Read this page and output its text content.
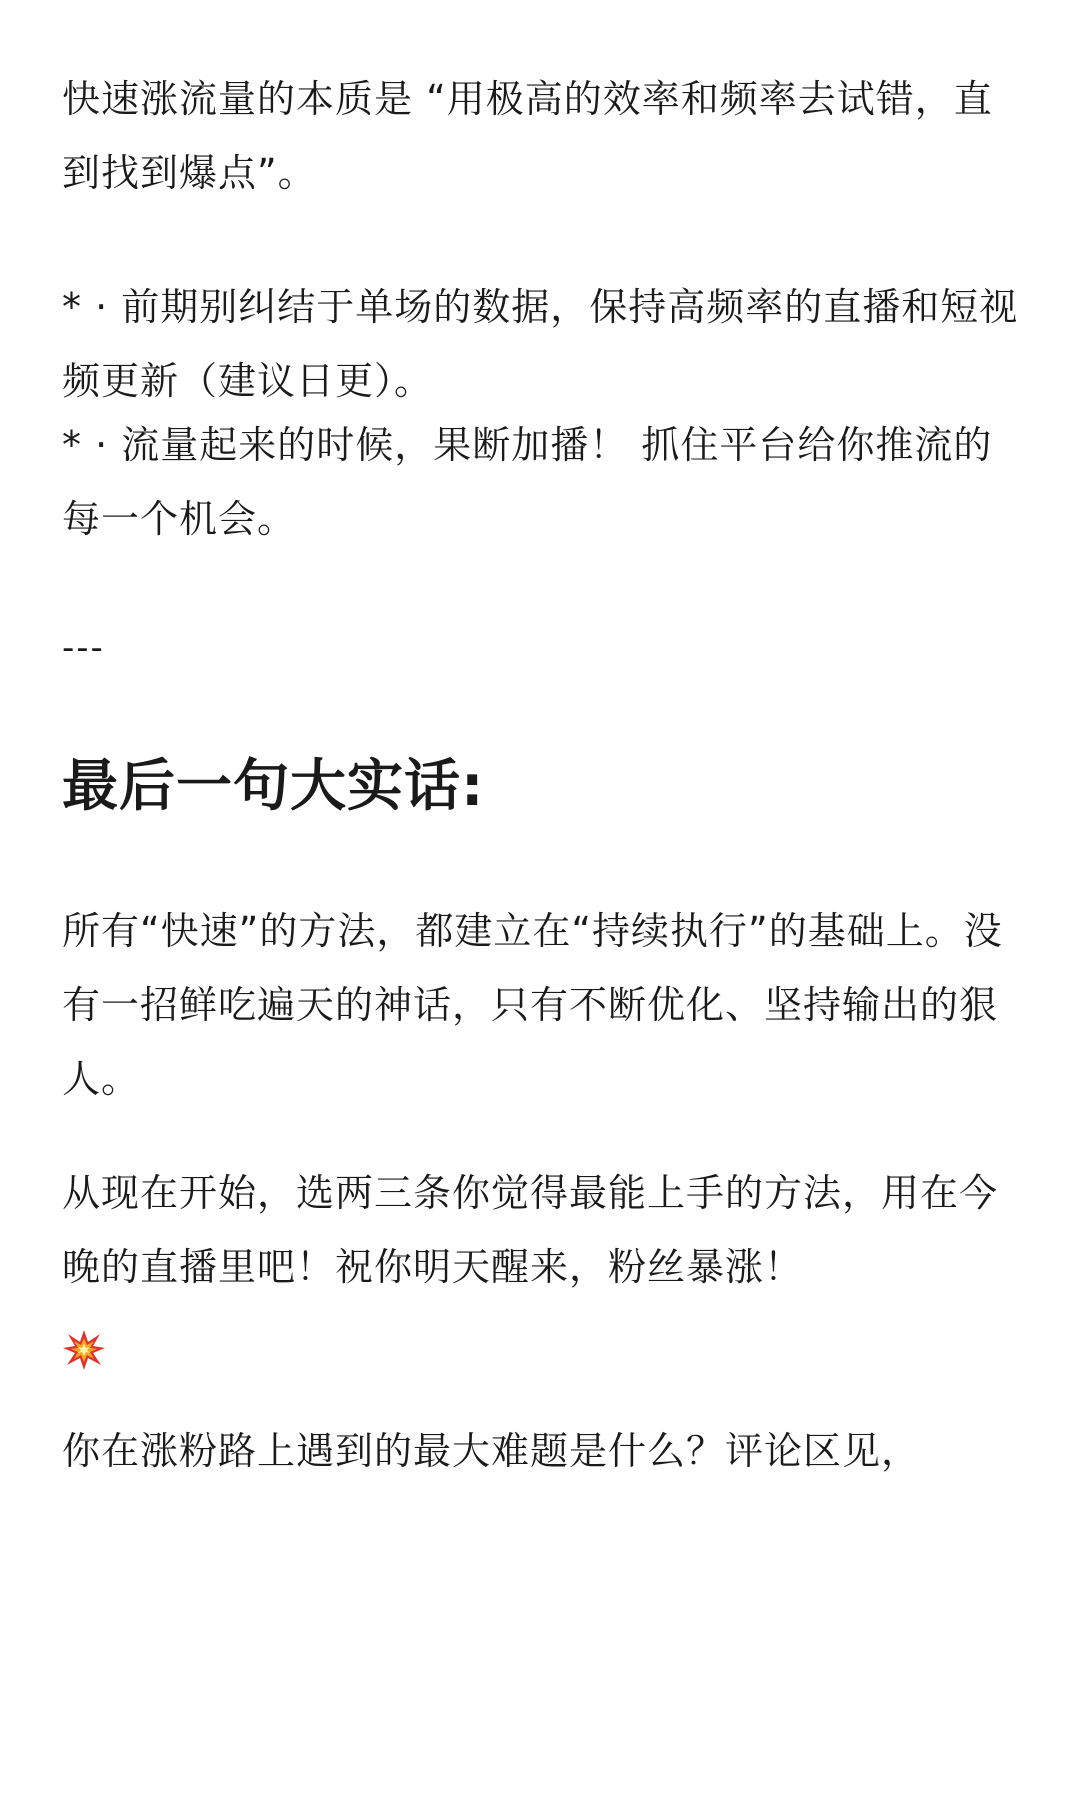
快速涨流量的本质是 “用极高的效率和频率去试错，直到找到爆点”。
* · 前期别纠结于单场的数据，保持高频率的直播和短视频更新（建议日更）。
* · 流量起来的时候，果断加播！ 抓住平台给你推流的每一个机会。
---
最后一句大实话:
所有“快速”的方法，都建立在“持续执行”的基础上。没有一招鲜吃遍天的神话，只有不断优化、坚持输出的狠人。
从现在开始，选两三条你觉得最能上手的方法，用在今晚的直播里吧！祝你明天醒来，粉丝暴涨！

你在涨粉路上遇到的最大难题是什么？评论区见，
